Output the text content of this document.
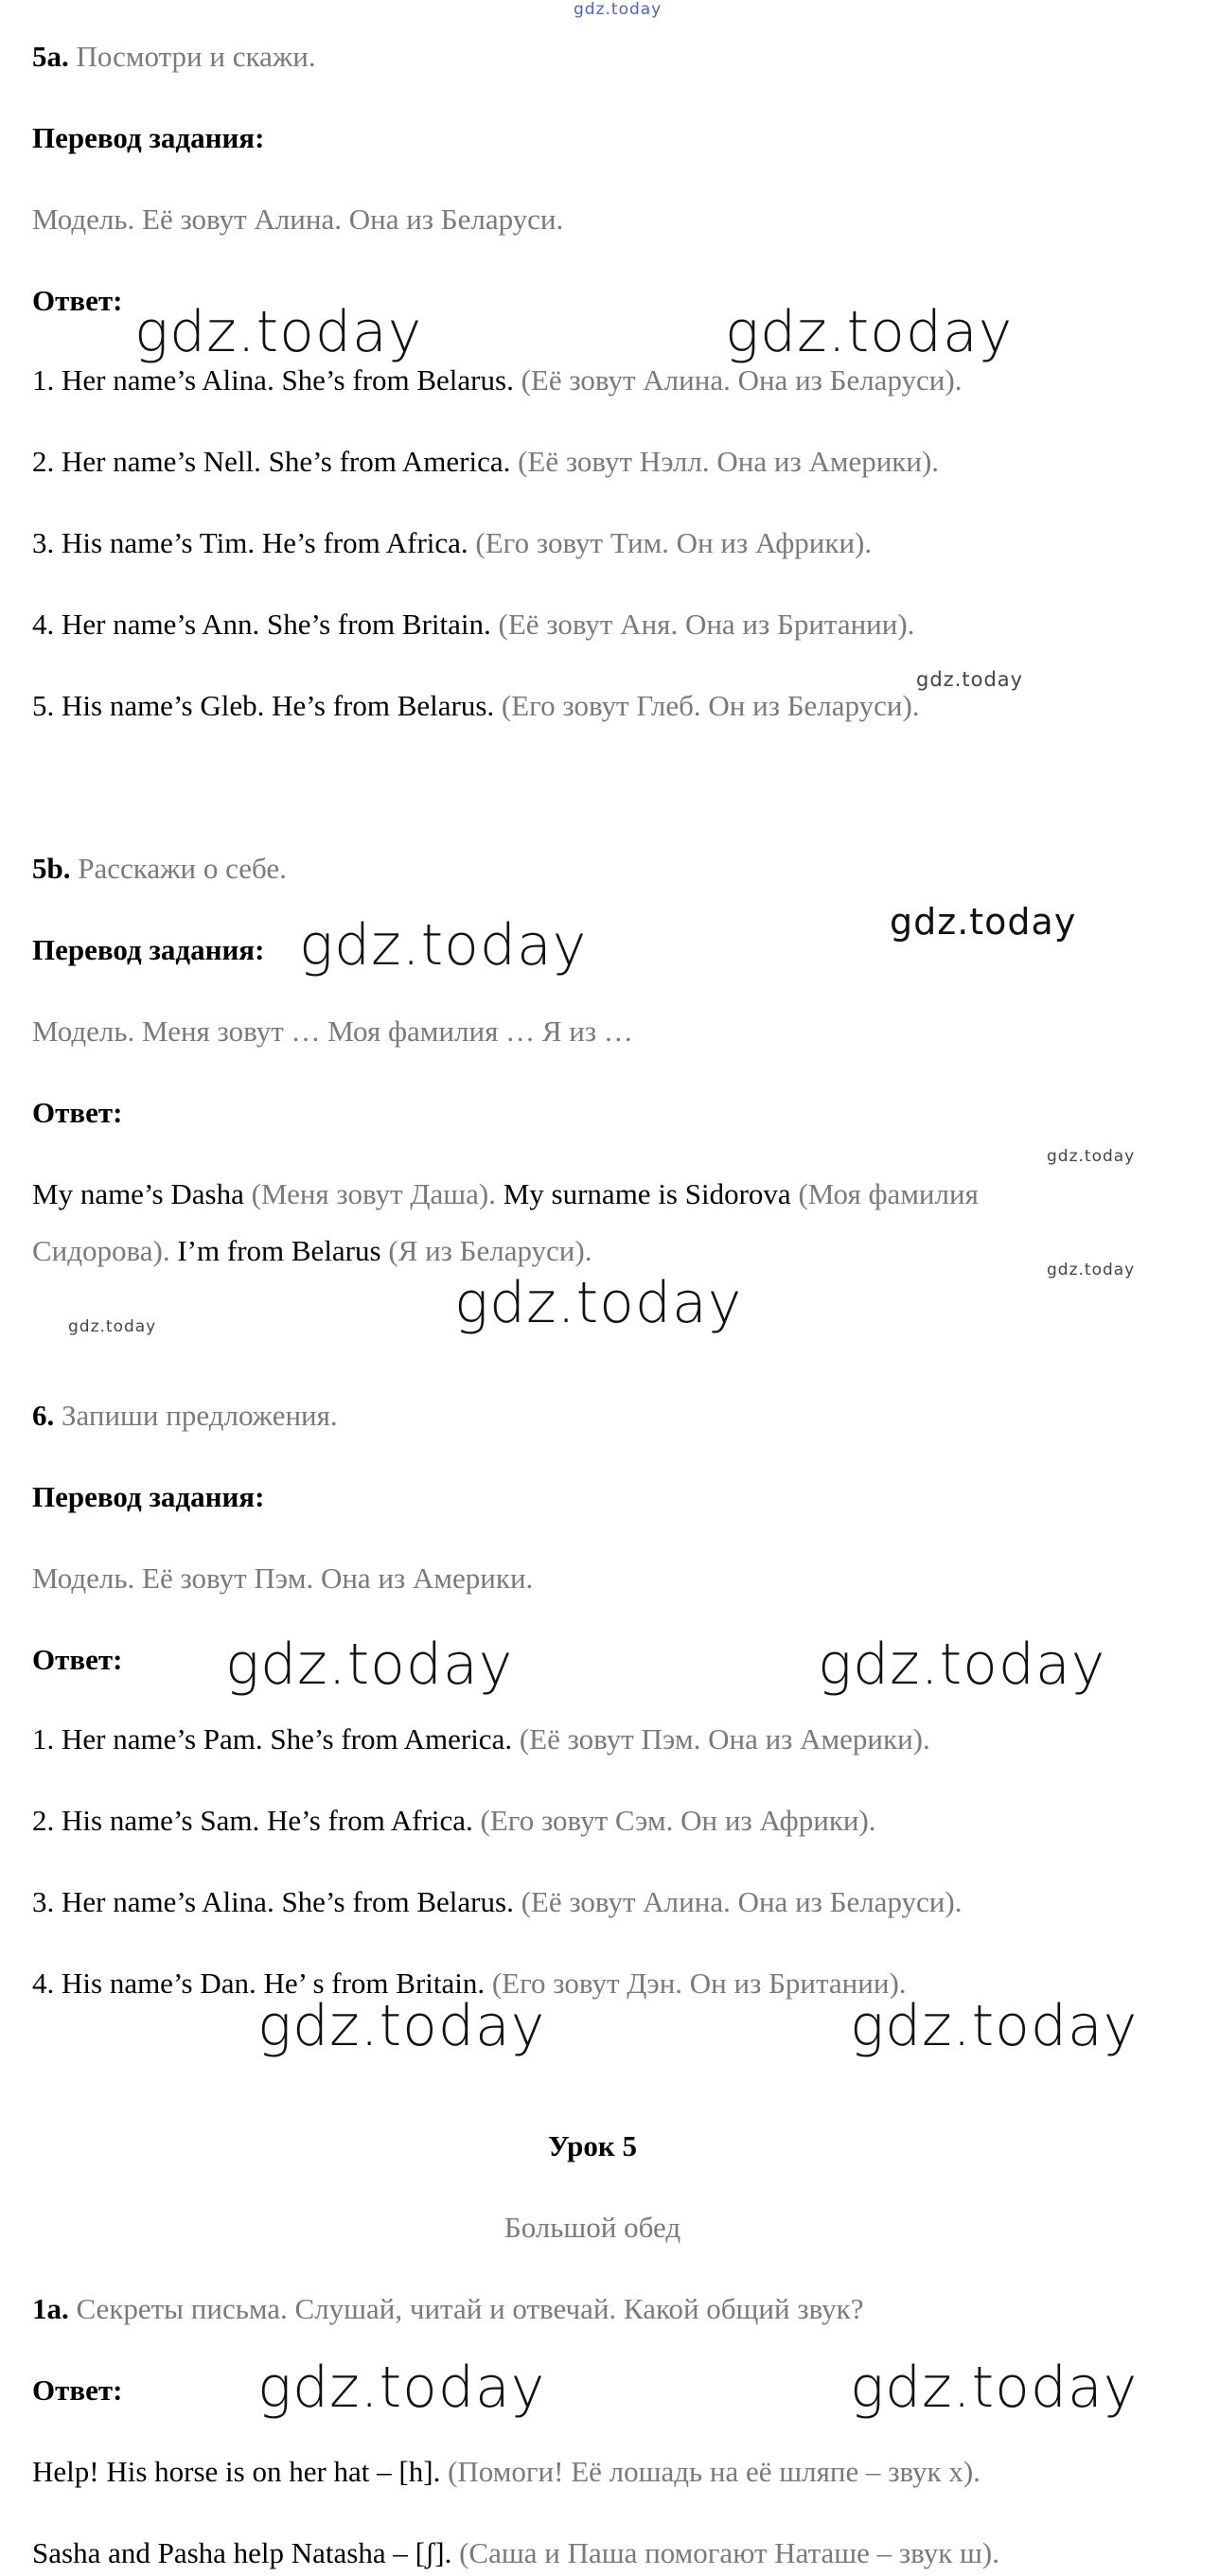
gdz.today
5a. Посмотри и скажи.
Перевод задания:
Модель. Её зовут Алина. Она из Беларуси.
Ответ:
1. Her name’s Alina. She’s from Belarus. (Её зовут Алина. Она из Беларуси).
2. Her name’s Nell. She’s from America. (Её зовут Нэлл. Она из Америки).
3. His name’s Tim. He’s from Africa. (Его зовут Тим. Он из Африки).
4. Her name’s Ann. She’s from Britain. (Её зовут Аня. Она из Британии).
5. His name’s Gleb. He’s from Belarus. (Его зовут Глеб. Он из Беларуси).
5b. Расскажи о себе.
Перевод задания:
Модель. Меня зовут … Моя фамилия … Я из …
Ответ:
My name’s Dasha (Меня зовут Даша). My surname is Sidorova (Моя фамилия
Сидорова). I’m from Belarus (Я из Беларуси).
6. Запиши предложения.
Перевод задания:
Модель. Её зовут Пэм. Она из Америки.
Ответ:
1. Her name’s Pam. She’s from America. (Её зовут Пэм. Она из Америки).
2. His name’s Sam. He’s from Africa. (Его зовут Сэм. Он из Африки).
3. Her name’s Alina. She’s from Belarus. (Её зовут Алина. Она из Беларуси).
4. His name’s Dan. He’ s from Britain. (Его зовут Дэн. Он из Британии).
Урок 5
Большой обед
1a. Секреты письма. Слушай, читай и отвечай. Какой общий звук?
Ответ:
Help! His horse is on her hat – [h]. (Помоги! Её лошадь на её шляпе – звук х).
Sasha and Pasha help Natasha – [ʃ]. (Саша и Паша помогают Наташе – звук ш).
gdz.today	gdz.today
gdz.today
gdz.today
gdz.today
gdz.today
gdz.today
gdz.today	gdz.today
gdz.today	gdz.today
gdz.today	gdz.today
gdz.today	gdz.today
